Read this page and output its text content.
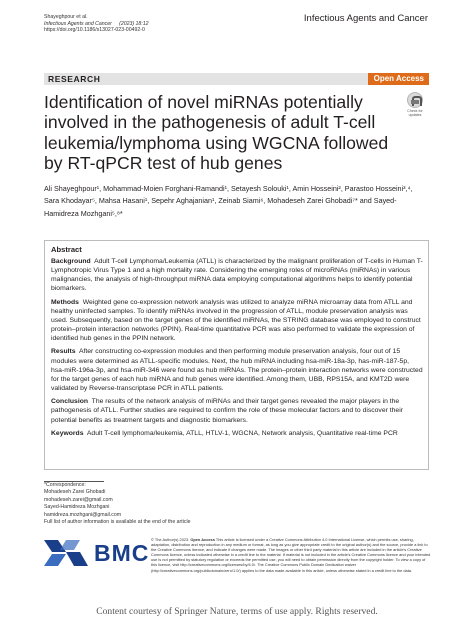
Shayeghpour et al.
Infectious Agents and Cancer (2023) 18:12
https://doi.org/10.1186/s13027-023-00492-0
Infectious Agents and Cancer
RESEARCH	Open Access
Identification of novel miRNAs potentially involved in the pathogenesis of adult T-cell leukemia/lymphoma using WGCNA followed by RT-qPCR test of hub genes
Check for updates
Ali Shayeghpour¹, Mohammad-Moien Forghani-Ramandi¹, Setayesh Solouki¹, Amin Hosseini², Parastoo Hosseini³,⁴, Sara Khodayar⁵, Mahsa Hasani¹, Sepehr Aghajanian¹, Zeinab Siami⁶, Mohadeseh Zarei Ghobadi⁷* and Sayed-Hamidreza Mozhgani⁵,⁸*
Abstract

Background Adult T-cell Lymphoma/Leukemia (ATLL) is characterized by the malignant proliferation of T-cells in Human T-Lymphotropic Virus Type 1 and a high mortality rate. Considering the emerging roles of microRNAs (miRNAs) in various malignancies, the analysis of high-throughput miRNA data employing computational algorithms helps to identify potential biomarkers.

Methods Weighted gene co-expression network analysis was utilized to analyze miRNA microarray data from ATLL and healthy uninfected samples. To identify miRNAs involved in the progression of ATLL, module preservation analysis was used. Subsequently, based on the target genes of the identified miRNAs, the STRING database was employed to construct protein–protein interaction networks (PPIN). Real-time quantitative PCR was also performed to validate the expression of identified hub genes in the PPIN network.

Results After constructing co-expression modules and then performing module preservation analysis, four out of 15 modules were determined as ATLL-specific modules. Next, the hub miRNA including hsa-miR-18a-3p, has-miR-187-5p, hsa-miR-196a-3p, and hsa-miR-346 were found as hub miRNAs. The protein–protein interaction networks were constructed for the target genes of each hub miRNA and hub genes were identified. Among them, UBB, RPS15A, and KMT2D were validated by Reverse-transcriptase PCR in ATLL patients.

Conclusion The results of the network analysis of miRNAs and their target genes revealed the major players in the pathogenesis of ATLL. Further studies are required to confirm the role of these molecular factors and to discover their potential benefits as treatment targets and diagnostic biomarkers.

Keywords Adult T-cell lymphoma/leukemia, ATLL, HTLV-1, WGCNA, Network analysis, Quantitative real-time PCR

*Correspondence:
Mohadeseh Zarei Ghobadi
mohadeseh.zarei@gmail.com
Sayed-Hamidreza Mozhgani
hamidreza.mozhgani@gmail.com
Full list of author information is available at the end of the article
BMC
© The Author(s) 2023. Open Access This article is licensed under a Creative Commons Attribution 4.0 International License, which permits use, sharing, adaptation, distribution and reproduction in any medium or format, as long as you give appropriate credit to the original author(s) and the source, provide a link to the Creative Commons licence, and indicate if changes were made. The images or other third party material in this article are included in the article's Creative Commons licence, unless indicated otherwise in a credit line to the material. If material is not included in the article's Creative Commons licence and your intended use is not permitted by statutory regulation or exceeds the permitted use, you will need to obtain permission directly from the copyright holder. To view a copy of this licence, visit http://creativecommons.org/licenses/by/4.0/. The Creative Commons Public Domain Dedication waiver (http://creativecommons.org/publicdomain/zero/1.0/) applies to the data made available in this article, unless otherwise stated in a credit line to the data.
Content courtesy of Springer Nature, terms of use apply. Rights reserved.
